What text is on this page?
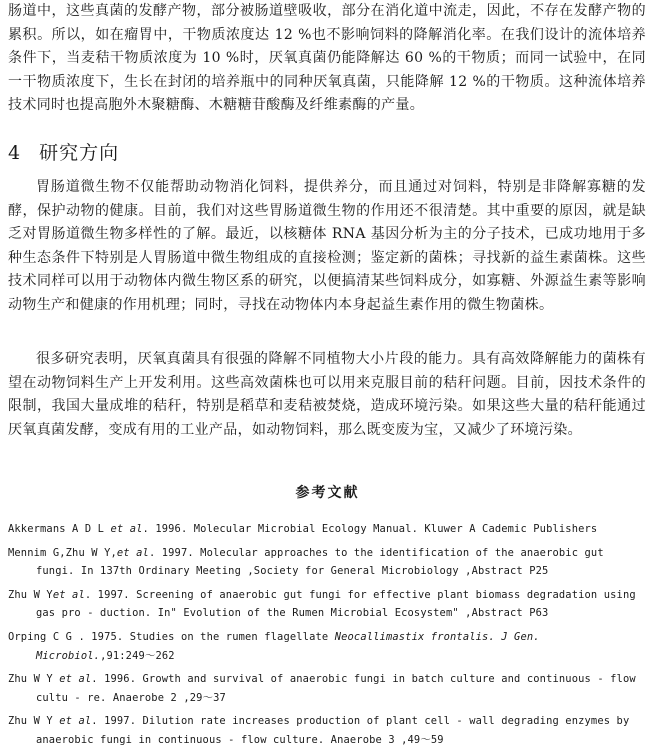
肠道中，这些真菌的发酵产物，部分被肠道壁吸收，部分在消化道中流走，因此，不存在发酵产物的累积。所以，如在瘤胃中，干物质浓度达 12 %也不影响饲料的降解消化率。在我们设计的流体培养条件下，当麦秸干物质浓度为 10 %时，厌氧真菌仍能降解达 60 %的干物质；而同一试验中，在同一干物质浓度下，生长在封闭的培养瓶中的同种厌氧真菌，只能降解 12 %的干物质。这种流体培养技术同时也提高胞外木聚糖酶、木糖糖苷酸酶及纤维素酶的产量。
4 研究方向
胃肠道微生物不仅能帮助动物消化饲料，提供养分，而且通过对饲料，特别是非降解寡糖的发酵，保护动物的健康。目前，我们对这些胃肠道微生物的作用还不很清楚。其中重要的原因，就是缺乏对胃肠道微生物多样性的了解。最近，以核糖体 RNA 基因分析为主的分子技术，已成功地用于多种生态条件下特别是人胃肠道中微生物组成的直接检测；鉴定新的菌株；寻找新的益生素菌株。这些技术同样可以用于动物体内微生物区系的研究，以便搞清某些饲料成分，如寡糖、外源益生素等影响动物生产和健康的作用机理；同时，寻找在动物体内本身起益生素作用的微生物菌株。
很多研究表明，厌氧真菌具有很强的降解不同植物大小片段的能力。具有高效降解能力的菌株有望在动物饲料生产上开发利用。这些高效菌株也可以用来克服目前的秸秆问题。目前，因技术条件的限制，我国大量成堆的秸秆，特别是稻草和麦秸被焚烧，造成环境污染。如果这些大量的秸秆能通过厌氧真菌发酵，变成有用的工业产品，如动物饲料，那么既变废为宝，又减少了环境污染。
参考文献
Akkermans A D L et al. 1996. Molecular Microbial Ecology Manual. Kluwer A Cademic Publishers
Mennim G,Zhu W Y,et al. 1997. Molecular approaches to the identification of the anaerobic gut fungi. In 137th Ordinary Meeting ,Society for General Microbiology ,Abstract P25
Zhu W Yet al. 1997. Screening of anaerobic gut fungi for effective plant biomass degradation using gas pro - duction. In" Evolution of the Rumen Microbial Ecosystem" ,Abstract P63
Orping C G . 1975. Studies on the rumen flagellate Neocallimastix frontalis. J Gen. Microbiol.,91:249～262
Zhu W Y et al. 1996. Growth and survival of anaerobic fungi in batch culture and continuous - flow cultu - re. Anaerobe 2 ,29～37
Zhu W Y et al. 1997. Dilution rate increases production of plant cell - wall degrading enzymes by anaerobic fungi in continuous - flow culture. Anaerobe 3 ,49～59
